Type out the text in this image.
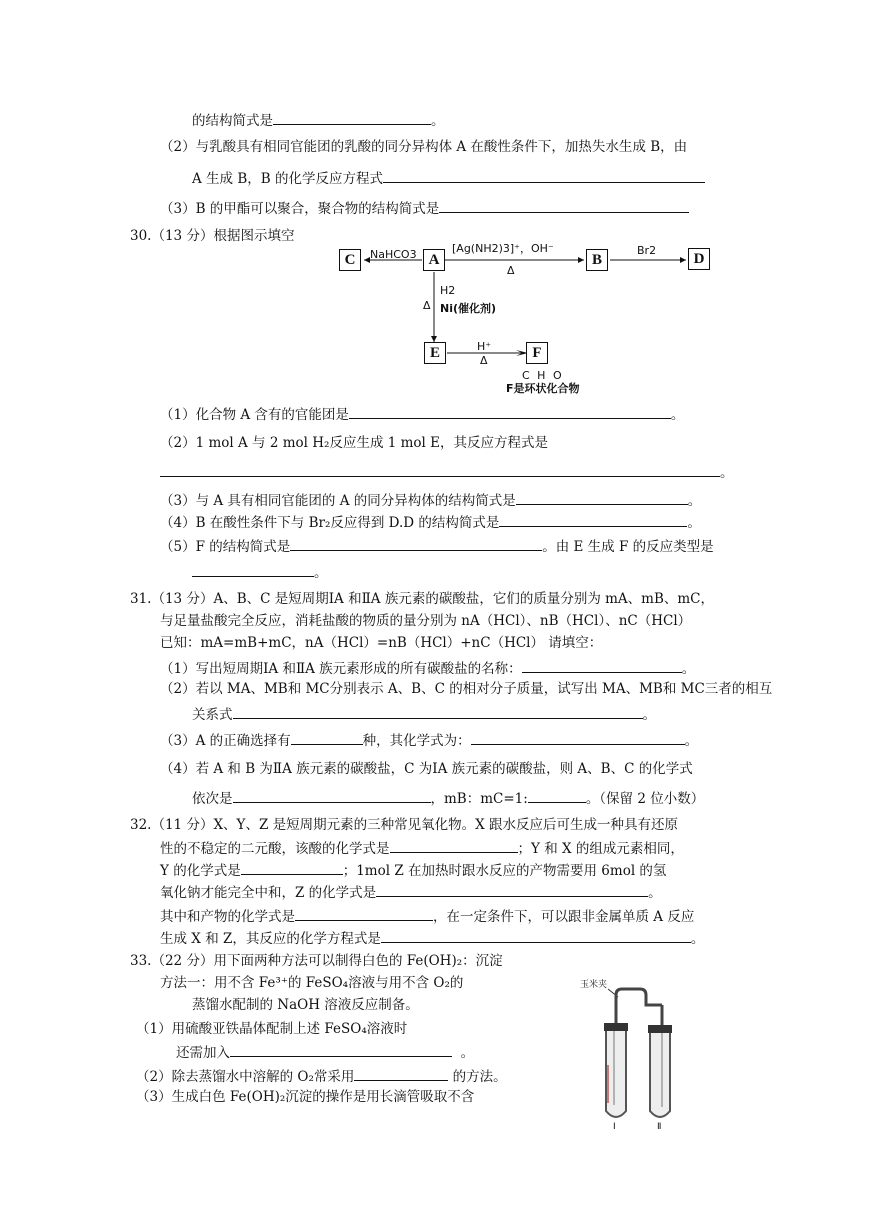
的结构简式是	。
（2）与乳酸具有相同官能团的乳酸的同分异构体 A 在酸性条件下，加热失水生成 B，由
A 生成 B，B 的化学反应方程式
（3）B 的甲酯可以聚合，聚合物的结构简式是
30.（13 分）根据图示填空
C	A	B	D
E	F
NaHCO3	[Ag(NH2)3]⁺，OH⁻
Δ
Br2
H2
Δ Ni(催化剂)
H⁺
Δ
C H O
F是环状化合物
（1）化合物 A 含有的官能团是	。
（2）1 mol A 与 2 mol H₂反应生成 1 mol E，其反应方程式是
。
（3）与 A 具有相同官能团的 A 的同分异构体的结构简式是	。
（4）B 在酸性条件下与 Br₂反应得到 D.D 的结构简式是	。
（5）F 的结构简式是	。由 E 生成 F 的反应类型是
。
31.（13 分）A、B、C 是短周期ⅠA 和ⅡA 族元素的碳酸盐，它们的质量分别为 mA、mB、mC，
与足量盐酸完全反应，消耗盐酸的物质的量分别为 nA（HCl）、nB（HCl）、nC（HCl）
已知：mA=mB+mC，nA（HCl）=nB（HCl）+nC（HCl） 请填空：
（1）写出短周期ⅠA 和ⅡA 族元素形成的所有碳酸盐的名称：	。
（2）若以 MA、MB和 MC分别表示 A、B、C 的相对分子质量，试写出 MA、MB和 MC三者的相互
关系式	。
（3）A 的正确选择有	种，其化学式为：	。
（4）若 A 和 B 为ⅡA 族元素的碳酸盐，C 为ⅠA 族元素的碳酸盐，则 A、B、C 的化学式
依次是	，mB：mC=1:	。（保留 2 位小数）
32.（11 分）X、Y、Z 是短周期元素的三种常见氧化物。X 跟水反应后可生成一种具有还原
性的不稳定的二元酸，该酸的化学式是	；Y 和 X 的组成元素相同，
Y 的化学式是	；1mol Z 在加热时跟水反应的产物需要用 6mol 的氢
氧化钠才能完全中和，Z 的化学式是	。
其中和产物的化学式是	，在一定条件下，可以跟非金属单质 A 反应
生成 X 和 Z，其反应的化学方程式是	。
33.（22 分）用下面两种方法可以制得白色的 Fe(OH)₂：沉淀
方法一：用不含 Fe³⁺的 FeSO₄溶液与用不含 O₂的
蒸馏水配制的 NaOH 溶液反应制备。
（1）用硫酸亚铁晶体配制上述 FeSO₄溶液时
还需加入	。
（2）除去蒸馏水中溶解的 O₂常采用	的方法。
（3）生成白色 Fe(OH)₂沉淀的操作是用长滴管吸取不含
玉米夹
Ⅰ	Ⅱ
